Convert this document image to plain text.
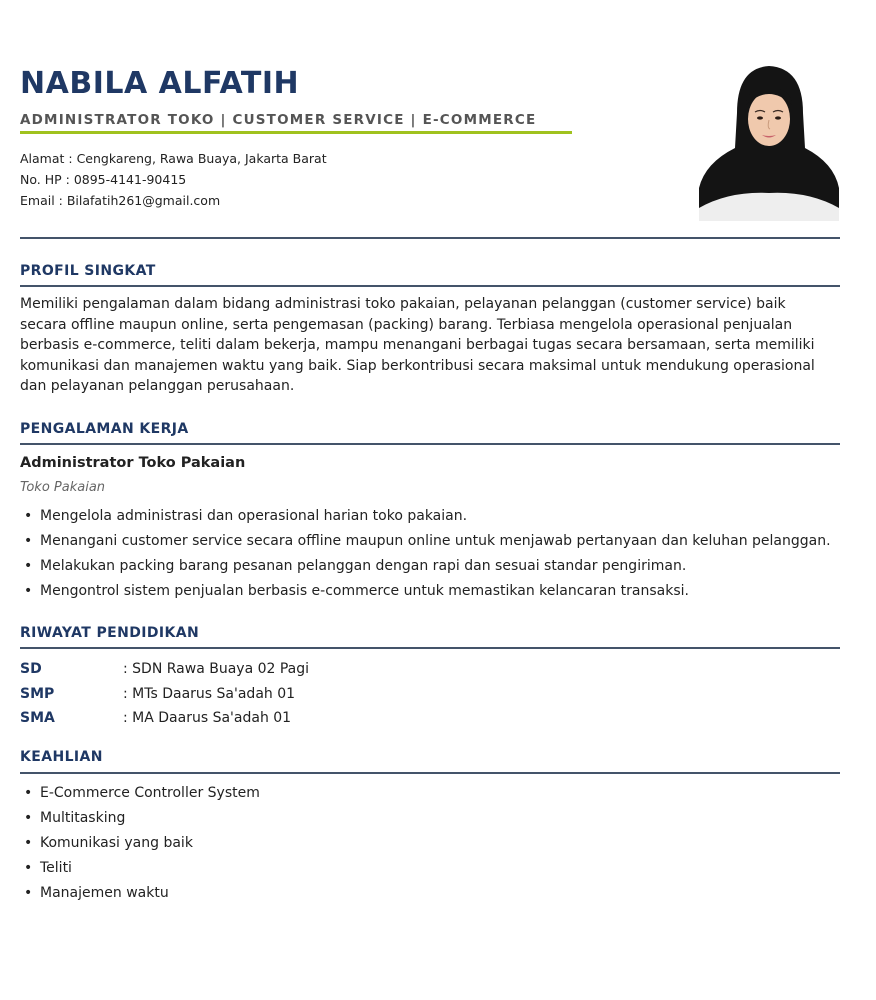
NABILA ALFATIH
ADMINISTRATOR TOKO | CUSTOMER SERVICE | E-COMMERCE
Alamat : Cengkareng, Rawa Buaya, Jakarta Barat
No. HP : 0895-4141-90415
Email : Bilafatih261@gmail.com
PROFIL SINGKAT
Memiliki pengalaman dalam bidang administrasi toko pakaian, pelayanan pelanggan (customer service) baik secara offline maupun online, serta pengemasan (packing) barang. Terbiasa mengelola operasional penjualan berbasis e-commerce, teliti dalam bekerja, mampu menangani berbagai tugas secara bersamaan, serta memiliki komunikasi dan manajemen waktu yang baik. Siap berkontribusi secara maksimal untuk mendukung operasional dan pelayanan pelanggan perusahaan.
PENGALAMAN KERJA
Administrator Toko Pakaian
Toko Pakaian
• Mengelola administrasi dan operasional harian toko pakaian.
• Menangani customer service secara offline maupun online untuk menjawab pertanyaan dan keluhan pelanggan.
• Melakukan packing barang pesanan pelanggan dengan rapi dan sesuai standar pengiriman.
• Mengontrol sistem penjualan berbasis e-commerce untuk memastikan kelancaran transaksi.
RIWAYAT PENDIDIKAN
SD	: SDN Rawa Buaya 02 Pagi
SMP	: MTs Daarus Sa'adah 01
SMA	: MA Daarus Sa'adah 01
KEAHLIAN
• E-Commerce Controller System
• Multitasking
• Komunikasi yang baik
• Teliti
• Manajemen waktu
